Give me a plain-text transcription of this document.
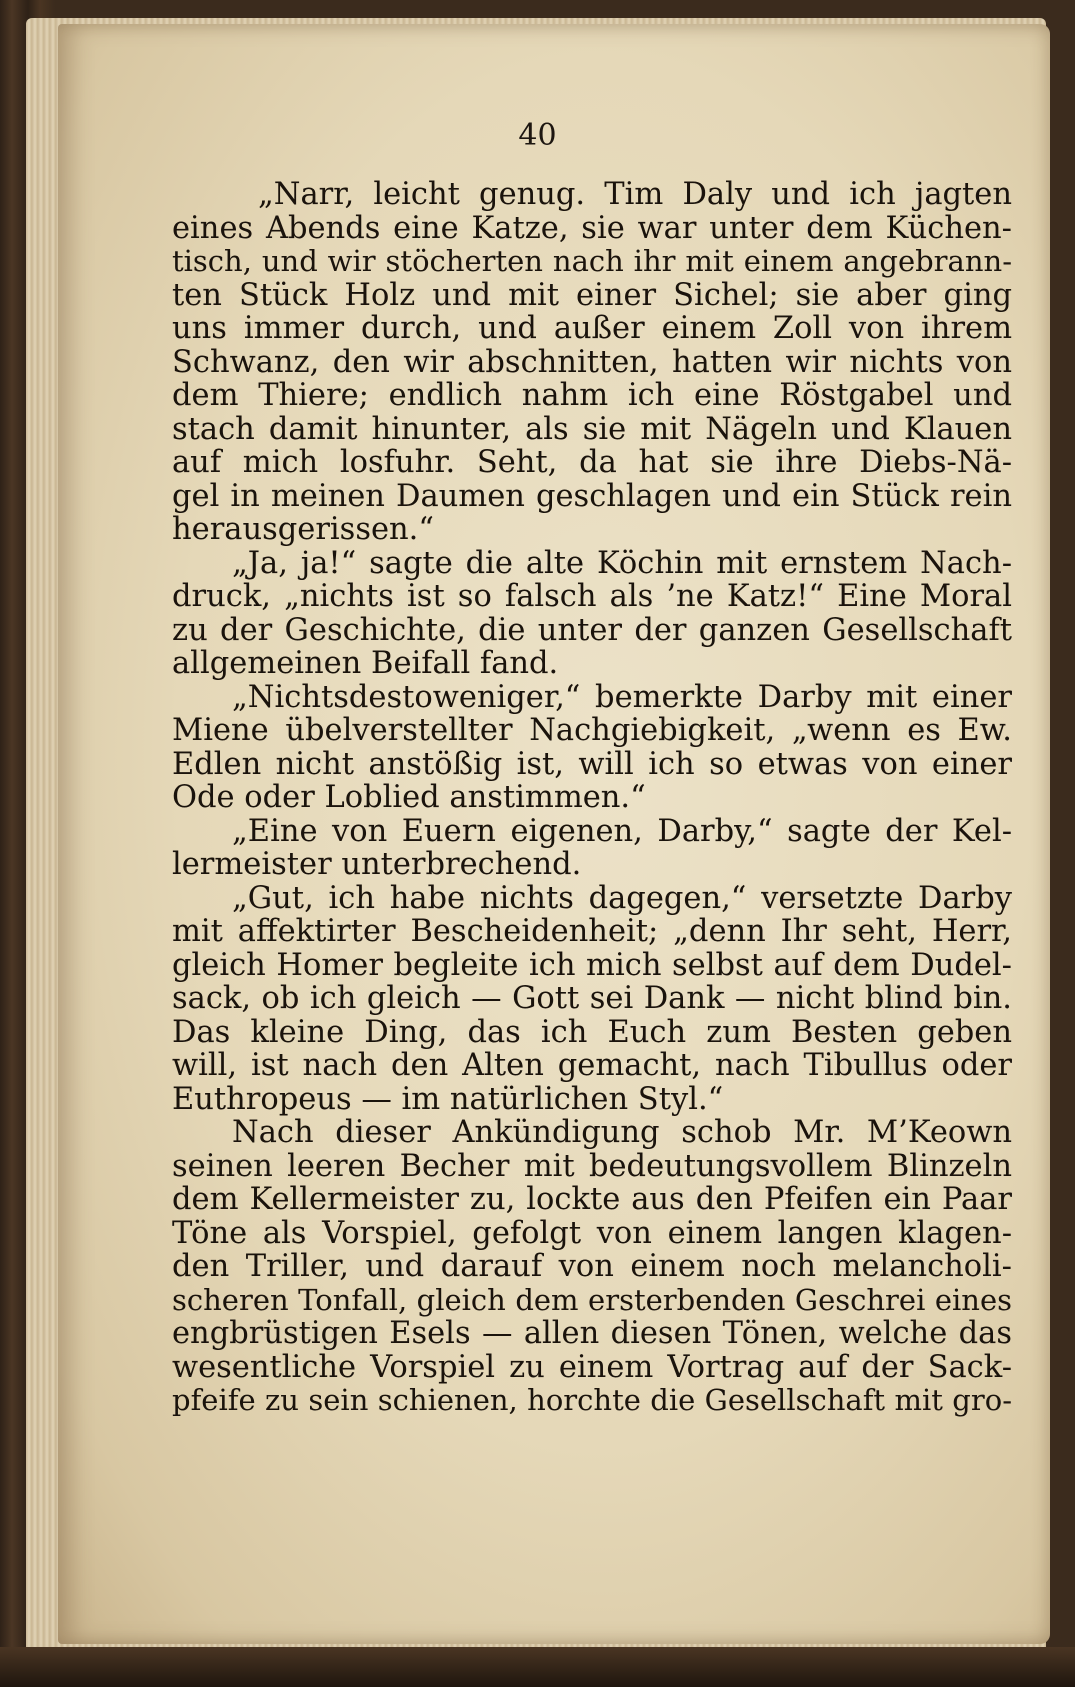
40
„Narr, leicht genug. Tim Daly und ich jagten
eines Abends eine Katze, sie war unter dem Küchen-
tisch, und wir stöcherten nach ihr mit einem angebrann-
ten Stück Holz und mit einer Sichel; sie aber ging
uns immer durch, und außer einem Zoll von ihrem
Schwanz, den wir abschnitten, hatten wir nichts von
dem Thiere; endlich nahm ich eine Röstgabel und
stach damit hinunter, als sie mit Nägeln und Klauen
auf mich losfuhr. Seht, da hat sie ihre Diebs-Nä-
gel in meinen Daumen geschlagen und ein Stück rein
herausgerissen.“
„Ja, ja!“ sagte die alte Köchin mit ernstem Nach-
druck, „nichts ist so falsch als ’ne Katz!“ Eine Moral
zu der Geschichte, die unter der ganzen Gesellschaft
allgemeinen Beifall fand.
„Nichtsdestoweniger,“ bemerkte Darby mit einer
Miene übelverstellter Nachgiebigkeit, „wenn es Ew.
Edlen nicht anstößig ist, will ich so etwas von einer
Ode oder Loblied anstimmen.“
„Eine von Euern eigenen, Darby,“ sagte der Kel-
lermeister unterbrechend.
„Gut, ich habe nichts dagegen,“ versetzte Darby
mit affektirter Bescheidenheit; „denn Ihr seht, Herr,
gleich Homer begleite ich mich selbst auf dem Dudel-
sack, ob ich gleich — Gott sei Dank — nicht blind bin.
Das kleine Ding, das ich Euch zum Besten geben
will, ist nach den Alten gemacht, nach Tibullus oder
Euthropeus — im natürlichen Styl.“
Nach dieser Ankündigung schob Mr. M’Keown
seinen leeren Becher mit bedeutungsvollem Blinzeln
dem Kellermeister zu, lockte aus den Pfeifen ein Paar
Töne als Vorspiel, gefolgt von einem langen klagen-
den Triller, und darauf von einem noch melancholi-
scheren Tonfall, gleich dem ersterbenden Geschrei eines
engbrüstigen Esels — allen diesen Tönen, welche das
wesentliche Vorspiel zu einem Vortrag auf der Sack-
pfeife zu sein schienen, horchte die Gesellschaft mit gro-
